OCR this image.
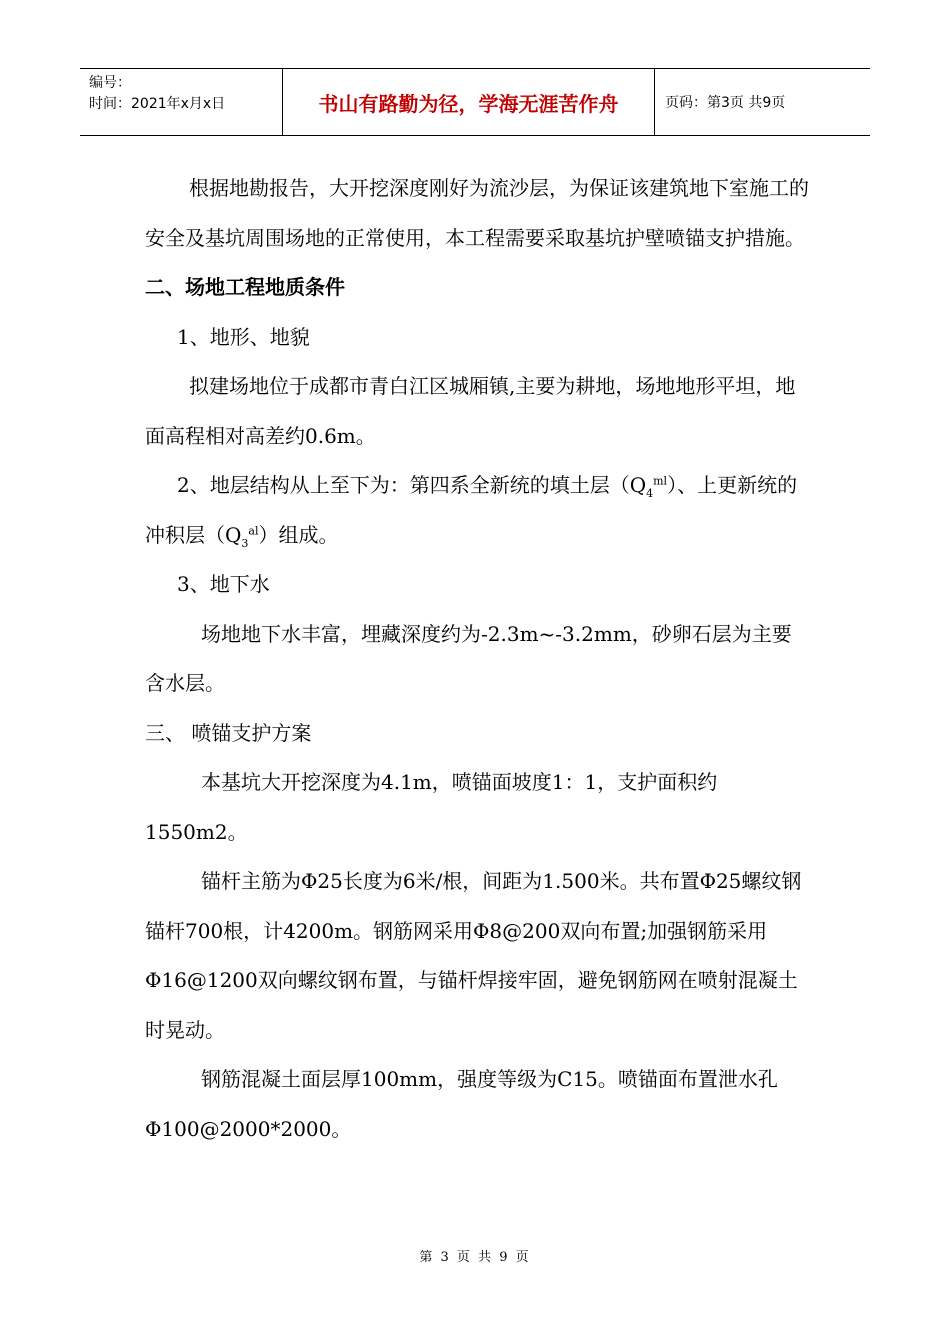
编号：
时间：2021年x月x日	书山有路勤为径，学海无涯苦作舟	页码：第3页 共9页

根据地勘报告，大开挖深度刚好为流沙层，为保证该建筑地下室施工的安全及基坑周围场地的正常使用，本工程需要采取基坑护壁喷锚支护措施。

二、场地工程地质条件

1、地形、地貌

拟建场地位于成都市青白江区城厢镇,主要为耕地，场地地形平坦，地面高程相对高差约0.6m。

2、地层结构从上至下为：第四系全新统的填土层$(Q_4^{ml})$、上更新统的冲积层$(Q_3^{al})$组成。

3、地下水

场地地下水丰富，埋藏深度约为-2.3m~-3.2mm，砂卵石层为主要含水层。

三、 喷锚支护方案

本基坑大开挖深度为4.1m，喷锚面坡度1：1，支护面积约1550m2。

锚杆主筋为Φ25长度为6米/根，间距为1.500米。共布置Φ25螺纹钢锚杆700根，计4200m。钢筋网采用Φ8@200双向布置;加强钢筋采用Φ16@1200双向螺纹钢布置，与锚杆焊接牢固，避免钢筋网在喷射混凝土时晃动。

钢筋混凝土面层厚100mm，强度等级为C15。喷锚面布置泄水孔Φ100@2000*2000。

第 3 页 共 9 页
